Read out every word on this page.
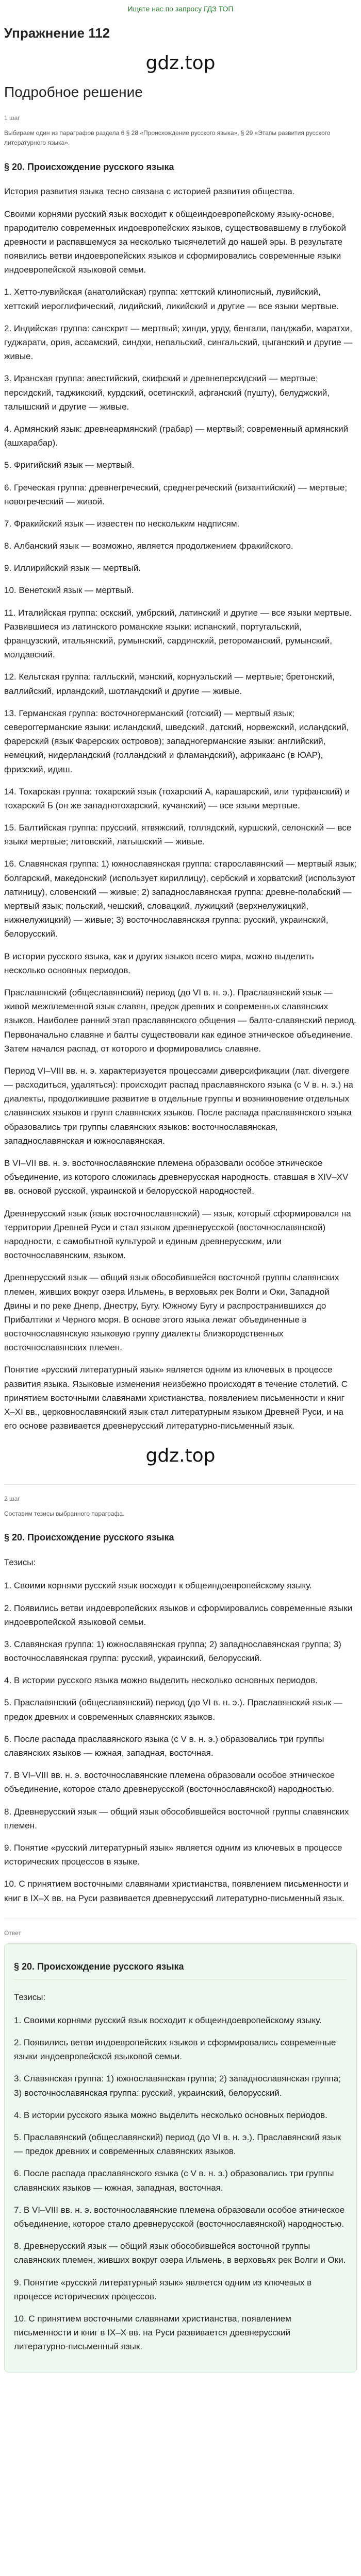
Ищете нас по запросу ГДЗ ТОП
Упражнение 112
gdz.top
Подробное решение
1 шаг
Выбираем один из параграфов раздела 6 § 28 «Происхождение русского языка», § 29 «Этапы развития русского литературного языка».
§ 20. Происхождение русского языка

История развития языка тесно связана с историей развития общества.

Своими корнями русский язык восходит к общеиндоевропейскому языку-основе, прародителю современных индоевропейских языков, существовавшему в глубокой древности и распавшемуся за несколько тысячелетий до нашей эры. В результате появились ветви индоевропейских языков и сформировались современные языки индоевропейской языковой семьи.

1. Хетто-лувийская (анатолийская) группа: хеттский клинописный, лувийский, хеттский иероглифический, лидийский, ликийский и другие — все языки мертвые.

2. Индийская группа: санскрит — мертвый; хинди, урду, бенгали, панджаби, маратхи, гуджарати, ория, ассамский, синдхи, непальский, сингальский, цыганский и другие — живые.

3. Иранская группа: авестийский, скифский и древнеперсидский — мертвые; персидский, таджикский, курдский, осетинский, афганский (пушту), белуджский, талышский и другие — живые.

4. Армянский язык: древнеармянский (грабар) — мертвый; современный армянский (ашхарабар).

5. Фригийский язык — мертвый.

6. Греческая группа: древнегреческий, среднегреческий (византийский) — мертвые; новогреческий — живой.

7. Фракийский язык — известен по нескольким надписям.

8. Албанский язык — возможно, является продолжением фракийского.

9. Иллирийский язык — мертвый.

10. Венетский язык — мертвый.

11. Италийская группа: оскский, умбрский, латинский и другие — все языки мертвые. Развившиеся из латинского романские языки: испанский, португальский, французский, итальянский, румынский, сардинский, ретороманский, румынский, молдавский.

12. Кельтская группа: галльский, мэнский, корнуэльский — мертвые; бретонский, валлийский, ирландский, шотландский и другие — живые.

13. Германская группа: восточногерманский (готский) — мертвый язык; североггерманские языки: исландский, шведский, датский, норвежский, исландский, фарерский (язык Фарерских островов); западногерманские языки: английский, немецкий, нидерландский (голландский и фламандский), африкаанс (в ЮАР), фризский, идиш.

14. Тохарская группа: тохарский язык (тохарский А, карашарский, или турфанский) и тохарский Б (он же западнотохарский, кучанский) — все языки мертвые.

15. Балтийская группа: прусский, ятвяжский, голлядский, куршский, селонский — все языки мертвые; литовский, латышский — живые.

16. Славянская группа: 1) южнославянская группа: старославянский — мертвый язык; болгарский, македонский (использует кириллицу), сербский и хорватский (используют латиницу), словенский — живые; 2) западнославянская группа: древне-полабский — мертвый язык; польский, чешский, словацкий, лужицкий (верхнелужицкий, нижнелужицкий) — живые; 3) восточнославянская группа: русский, украинский, белорусский.

В истории русского языка, как и других языков всего мира, можно выделить несколько основных периодов.

Праславянский (общеславянский) период (до VI в. н. э.). Праславянский язык — живой межплеменной язык славян, предок древних и современных славянских языков. Наиболее ранний этап праславянского общения — балто-славянский период. Первоначально славяне и балты существовали как единое этническое объединение. Затем начался распад, от которого и формировались славяне.

Период VI–VIII вв. н. э. характеризуется процессами диверсификации (лат. divergere — расходиться, удаляться): происходит распад праславянского языка (с V в. н. э.) на диалекты, продолжившие развитие в отдельные группы и возникновение отдельных славянских языков и групп славянских языков. После распада праславянского языка образовались три группы славянских языков: восточнославянская, западнославянская и южнославянская.

В VI–VII вв. н. э. восточнославянские племена образовали особое этническое объединение, из которого сложилась древнерусская народность, ставшая в XIV–XV вв. основой русской, украинской и белорусской народностей.

Древнерусский язык (язык восточнославянский) — язык, который сформировался на территории Древней Руси и стал языком древнерусской (восточнославянской) народности, с самобытной культурой и единым древнерусским, или восточнославянским, языком.

Древнерусский язык — общий язык обособившейся восточной группы славянских племен, живших вокруг озера Ильмень, в верховьях рек Волги и Оки, Западной Двины и по реке Днепр, Днестру, Бугу. Южному Бугу и распространившихся до Прибалтики и Черного моря. В основе этого языка лежат объединенные в восточнославянскую языковую группу диалекты близкородственных восточнославянских племен.

Понятие «русский литературный язык» является одним из ключевых в процессе развития языка. Языковые изменения неизбежно происходят в течение столетий. С принятием восточными славянами христианства, появлением письменности и книг X–XI вв., церковнославянский язык стал литературным языком Древней Руси, и на его основе развивается древнерусский литературно-письменный язык.

gdz.top
2 шаг
Составим тезисы выбранного параграфа.
§ 20. Происхождение русского языка
Тезисы:

1. Своими корнями русский язык восходит к общеиндоевропейскому языку.

2. Появились ветви индоевропейских языков и сформировались современные языки индоевропейской языковой семьи.

3. Славянская группа: 1) южнославянская группа; 2) западнославянская группа; 3) восточнославянская группа: русский, украинский, белорусский.

4. В истории русского языка можно выделить несколько основных периодов.

5. Праславянский (общеславянский) период (до VI в. н. э.). Праславянский язык — предок древних и современных славянских языков.

6. После распада праславянского языка (с V в. н. э.) образовались три группы славянских языков — южная, западная, восточная.

7. В VI–VIII вв. н. э. восточнославянские племена образовали особое этническое объединение, которое стало древнерусской (восточнославянской) народностью.

8. Древнерусский язык — общий язык обособившейся восточной группы славянских племен.

9. Понятие «русский литературный язык» является одним из ключевых в процессе исторических процессов в языке.

10. С принятием восточными славянами христианства, появлением письменности и книг в IX–X вв. на Руси развивается древнерусский литературно-письменный язык.

Ответ
§ 20. Происхождение русского языка
Тезисы:

1. Своими корнями русский язык восходит к общеиндоевропейскому языку.

2. Появились ветви индоевропейских языков и сформировались современные языки индоевропейской языковой семьи.

3. Славянская группа: 1) южнославянская группа; 2) западнославянская группа; 3) восточнославянская группа: русский, украинский, белорусский.

4. В истории русского языка можно выделить несколько основных периодов.

5. Праславянский (общеславянский) период (до VI в. н. э.). Праславянский язык — предок древних и современных славянских языков.

6. После распада праславянского языка (с V в. н. э.) образовались три группы славянских языков — южная, западная, восточная.

7. В VI–VIII вв. н. э. восточнославянские племена образовали особое этническое объединение, которое стало древнерусской (восточнославянской) народностью.

8. Древнерусский язык — общий язык обособившейся восточной группы славянских племен, живших вокруг озера Ильмень, в верховьях рек Волги и Оки.

9. Понятие «русский литературный язык» является одним из ключевых в процессе исторических процессов.

10. С принятием восточными славянами христианства, появлением письменности и книг в IX–X вв. на Руси развивается древнерусский литературно-письменный язык.
